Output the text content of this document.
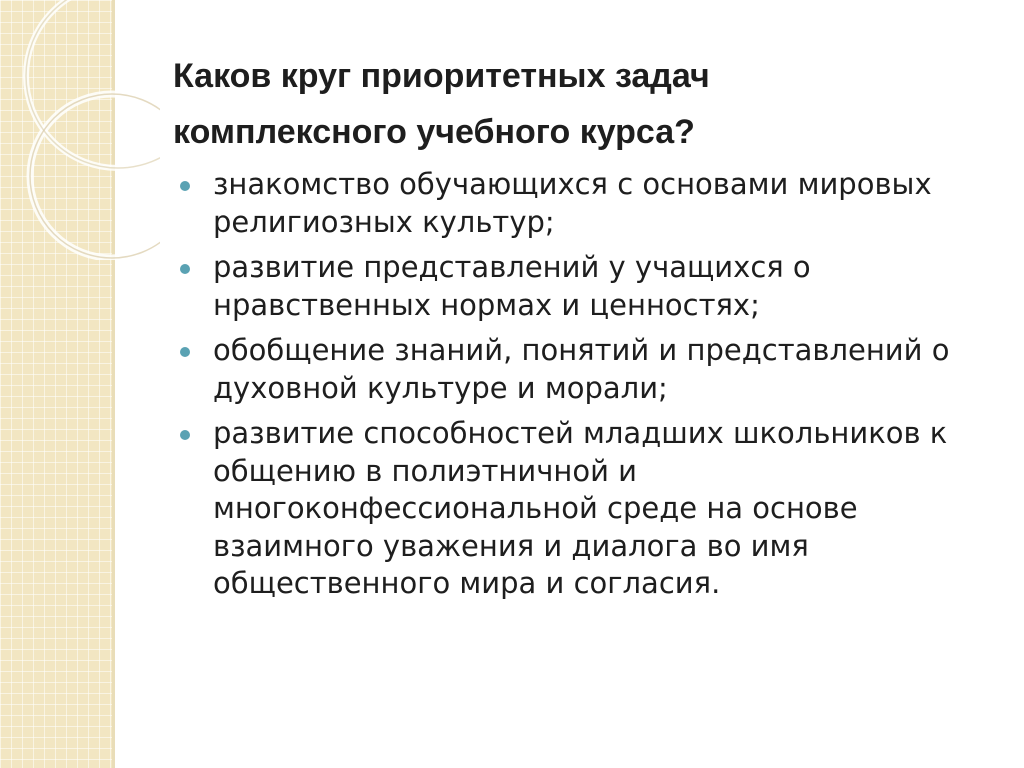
Каков круг приоритетных задач
комплексного учебного курса?
знакомство обучающихся с основами мировых религиозных культур;
развитие представлений у учащихся о нравственных нормах и ценностях;
обобщение знаний, понятий и представлений о духовной культуре и морали;
развитие способностей младших школьников к общению в полиэтничной и многоконфессиональной среде на основе взаимного уважения и диалога во имя общественного мира и согласия.
